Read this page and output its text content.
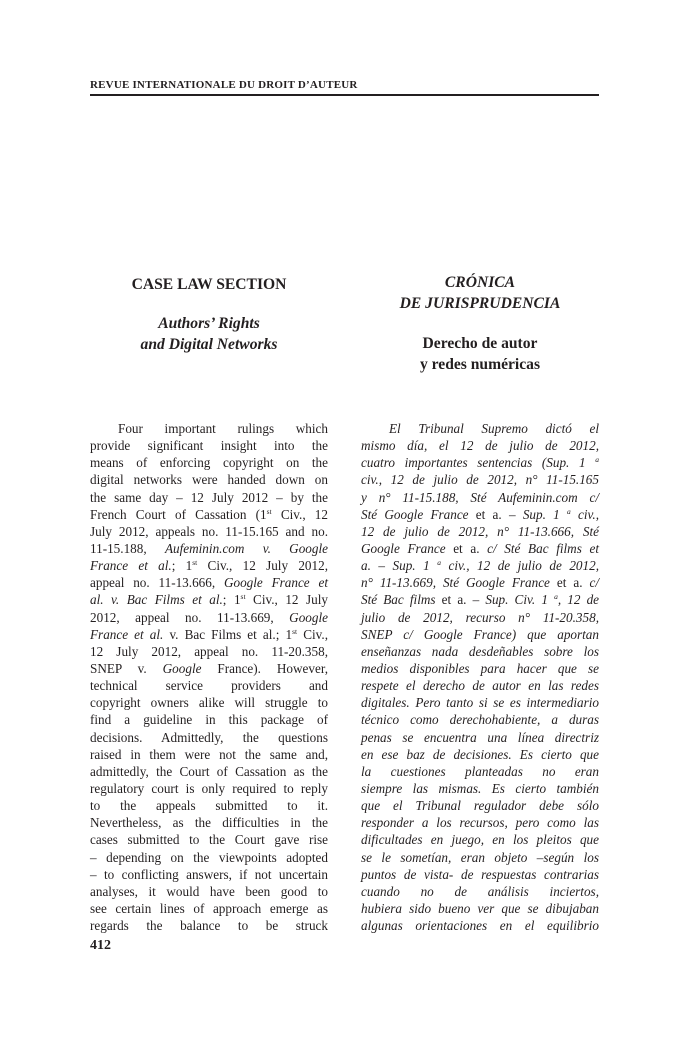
REVUE INTERNATIONALE DU DROIT D’AUTEUR
CASE LAW SECTION
Authors’ Rights
and Digital Networks
CRÓNICA
DE JURISPRUDENCIA
Derecho de autor
y redes numéricas
Four important rulings which
provide significant insight into the
means of enforcing copyright on the
digital networks were handed down on
the same day – 12 July 2012 – by the
French Court of Cassation (1st Civ., 12
July 2012, appeals no. 11-15.165 and no.
11-15.188, Aufeminin.com v. Google
France et al.; 1st Civ., 12 July 2012,
appeal no. 11-13.666, Google France et
al. v. Bac Films et al.; 1st Civ., 12 July
2012, appeal no. 11-13.669, Google
France et al. v. Bac Films et al.; 1st Civ.,
12 July 2012, appeal no. 11-20.358,
SNEP v. Google France). However,
technical service providers and
copyright owners alike will struggle to
find a guideline in this package of
decisions. Admittedly, the questions
raised in them were not the same and,
admittedly, the Court of Cassation as the
regulatory court is only required to reply
to the appeals submitted to it.
Nevertheless, as the difficulties in the
cases submitted to the Court gave rise
– depending on the viewpoints adopted
– to conflicting answers, if not uncertain
analyses, it would have been good to
see certain lines of approach emerge as
regards the balance to be struck
El Tribunal Supremo dictó el
mismo día, el 12 de julio de 2012,
cuatro importantes sentencias (Sup. 1 $^a$
civ., 12 de julio de 2012, n° 11-15.165
y n° 11-15.188, Sté Aufeminin.com c/
Sté Google France et a. – Sup. 1 $^a$ civ.,
12 de julio de 2012, n° 11-13.666, Sté
Google France et a. c/ Sté Bac films et
a. – Sup. 1 $^a$ civ., 12 de julio de 2012,
n° 11-13.669, Sté Google France et a. c/
Sté Bac films et a. – Sup. Civ. 1 $^a$, 12 de
julio de 2012, recurso n° 11-20.358,
SNEP c/ Google France) que aportan
enseñanzas nada desdeñables sobre los
medios disponibles para hacer que se
respete el derecho de autor en las redes
digitales. Pero tanto si se es intermediario
técnico como derechohabiente, a duras
penas se encuentra una línea directriz
en ese baz de decisiones. Es cierto que
la cuestiones planteadas no eran
siempre las mismas. Es cierto también
que el Tribunal regulador debe sólo
responder a los recursos, pero como las
dificultades en juego, en los pleitos que
se le sometían, eran objeto –según los
puntos de vista- de respuestas contrarias
cuando no de análisis inciertos,
hubiera sido bueno ver que se dibujaban
algunas orientaciones en el equilibrio
412
